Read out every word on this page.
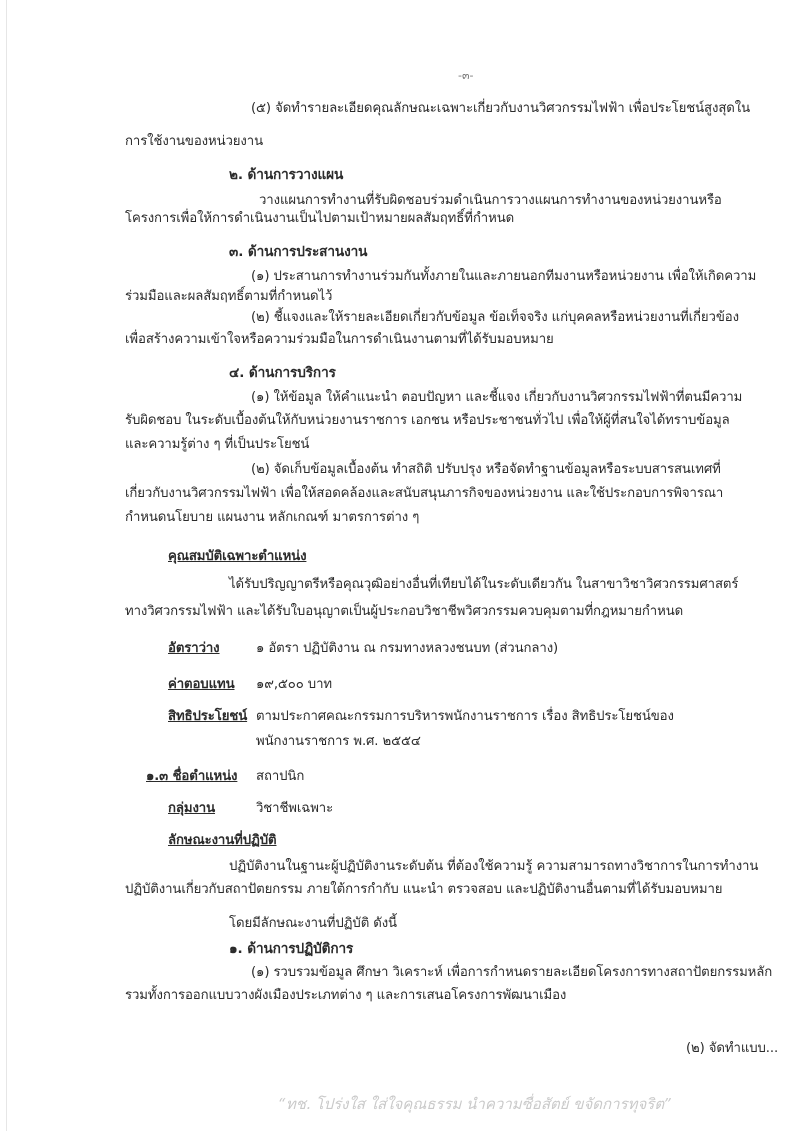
-๓-
(๕) จัดทำรายละเอียดคุณลักษณะเฉพาะเกี่ยวกับงานวิศวกรรมไฟฟ้า เพื่อประโยชน์สูงสุดใน
การใช้งานของหน่วยงาน
๒. ด้านการวางแผน
วางแผนการทำงานที่รับผิดชอบร่วมดำเนินการวางแผนการทำงานของหน่วยงานหรือ
โครงการเพื่อให้การดำเนินงานเป็นไปตามเป้าหมายผลสัมฤทธิ์ที่กำหนด
๓. ด้านการประสานงาน
(๑) ประสานการทำงานร่วมกันทั้งภายในและภายนอกทีมงานหรือหน่วยงาน เพื่อให้เกิดความ
ร่วมมือและผลสัมฤทธิ์ตามที่กำหนดไว้
(๒) ชี้แจงและให้รายละเอียดเกี่ยวกับข้อมูล ข้อเท็จจริง แก่บุคคลหรือหน่วยงานที่เกี่ยวข้อง
เพื่อสร้างความเข้าใจหรือความร่วมมือในการดำเนินงานตามที่ได้รับมอบหมาย
๔. ด้านการบริการ
(๑) ให้ข้อมูล ให้คำแนะนำ ตอบปัญหา และชี้แจง เกี่ยวกับงานวิศวกรรมไฟฟ้าที่ตนมีความ
รับผิดชอบ ในระดับเบื้องต้นให้กับหน่วยงานราชการ เอกชน หรือประชาชนทั่วไป เพื่อให้ผู้ที่สนใจได้ทราบข้อมูล
และความรู้ต่าง ๆ ที่เป็นประโยชน์
(๒) จัดเก็บข้อมูลเบื้องต้น ทำสถิติ ปรับปรุง หรือจัดทำฐานข้อมูลหรือระบบสารสนเทศที่
เกี่ยวกับงานวิศวกรรมไฟฟ้า เพื่อให้สอดคล้องและสนับสนุนภารกิจของหน่วยงาน และใช้ประกอบการพิจารณา
กำหนดนโยบาย แผนงาน หลักเกณฑ์ มาตรการต่าง ๆ
คุณสมบัติเฉพาะตำแหน่ง
ได้รับปริญญาตรีหรือคุณวุฒิอย่างอื่นที่เทียบได้ในระดับเดียวกัน ในสาขาวิชาวิศวกรรมศาสตร์
ทางวิศวกรรมไฟฟ้า และได้รับใบอนุญาตเป็นผู้ประกอบวิชาชีพวิศวกรรมควบคุมตามที่กฎหมายกำหนด
อัตราว่าง	๑ อัตรา ปฏิบัติงาน ณ กรมทางหลวงชนบท (ส่วนกลาง)
ค่าตอบแทน ๑๙,๕๐๐ บาท
สิทธิประโยชน์ ตามประกาศคณะกรรมการบริหารพนักงานราชการ เรื่อง สิทธิประโยชน์ของ
พนักงานราชการ พ.ศ. ๒๕๕๔
๑.๓ ชื่อตำแหน่ง สถาปนิก
กลุ่มงาน	วิชาชีพเฉพาะ
ลักษณะงานที่ปฏิบัติ
ปฏิบัติงานในฐานะผู้ปฏิบัติงานระดับต้น ที่ต้องใช้ความรู้ ความสามารถทางวิชาการในการทำงาน
ปฏิบัติงานเกี่ยวกับสถาปัตยกรรม ภายใต้การกำกับ แนะนำ ตรวจสอบ และปฏิบัติงานอื่นตามที่ได้รับมอบหมาย
โดยมีลักษณะงานที่ปฏิบัติ ดังนี้
๑. ด้านการปฏิบัติการ
(๑) รวบรวมข้อมูล ศึกษา วิเคราะห์ เพื่อการกำหนดรายละเอียดโครงการทางสถาปัตยกรรมหลัก
รวมทั้งการออกแบบวางผังเมืองประเภทต่าง ๆ และการเสนอโครงการพัฒนาเมือง
(๒) จัดทำแบบ...
“ทช. โปร่งใส ใส่ใจคุณธรรม นำความซื่อสัตย์ ขจัดการทุจริต”
